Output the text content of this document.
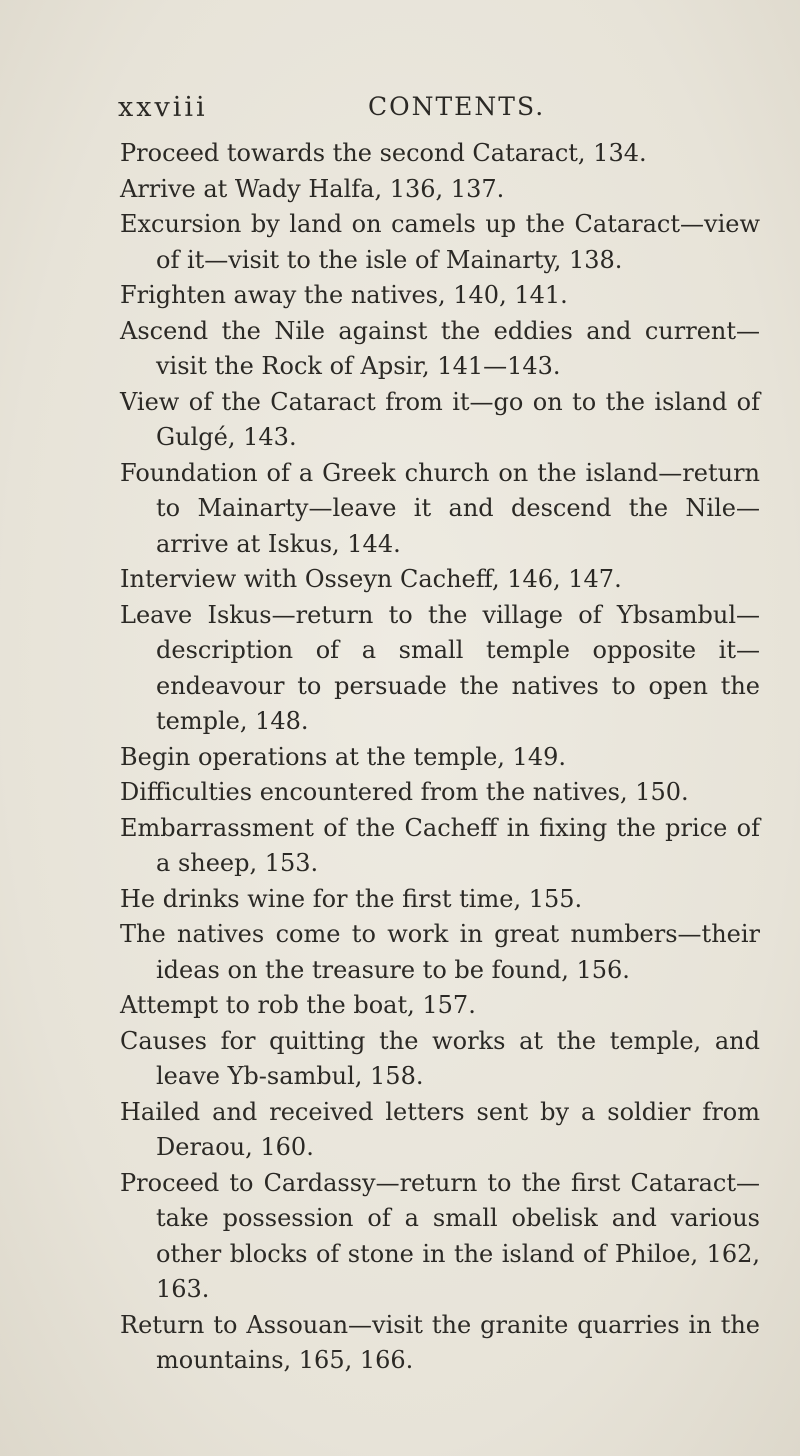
xxviii	CONTENTS.
Proceed towards the second Cataract, 134.
Arrive at Wady Halfa, 136, 137.
Excursion by land on camels up the Cataract—view of it—visit to the isle of Mainarty, 138.
Frighten away the natives, 140, 141.
Ascend the Nile against the eddies and current—visit the Rock of Apsir, 141—143.
View of the Cataract from it—go on to the island of Gulgé, 143.
Foundation of a Greek church on the island—return to Mainarty—leave it and descend the Nile—arrive at Iskus, 144.
Interview with Osseyn Cacheff, 146, 147.
Leave Iskus—return to the village of Ybsambul—description of a small temple opposite it—endeavour to persuade the natives to open the temple, 148.
Begin operations at the temple, 149.
Difficulties encountered from the natives, 150.
Embarrassment of the Cacheff in fixing the price of a sheep, 153.
He drinks wine for the first time, 155.
The natives come to work in great numbers—their ideas on the treasure to be found, 156.
Attempt to rob the boat, 157.
Causes for quitting the works at the temple, and leave Yb-sambul, 158.
Hailed and received letters sent by a soldier from Deraou, 160.
Proceed to Cardassy—return to the first Cataract—take possession of a small obelisk and various other blocks of stone in the island of Philoe, 162, 163.
Return to Assouan—visit the granite quarries in the mountains, 165, 166.
